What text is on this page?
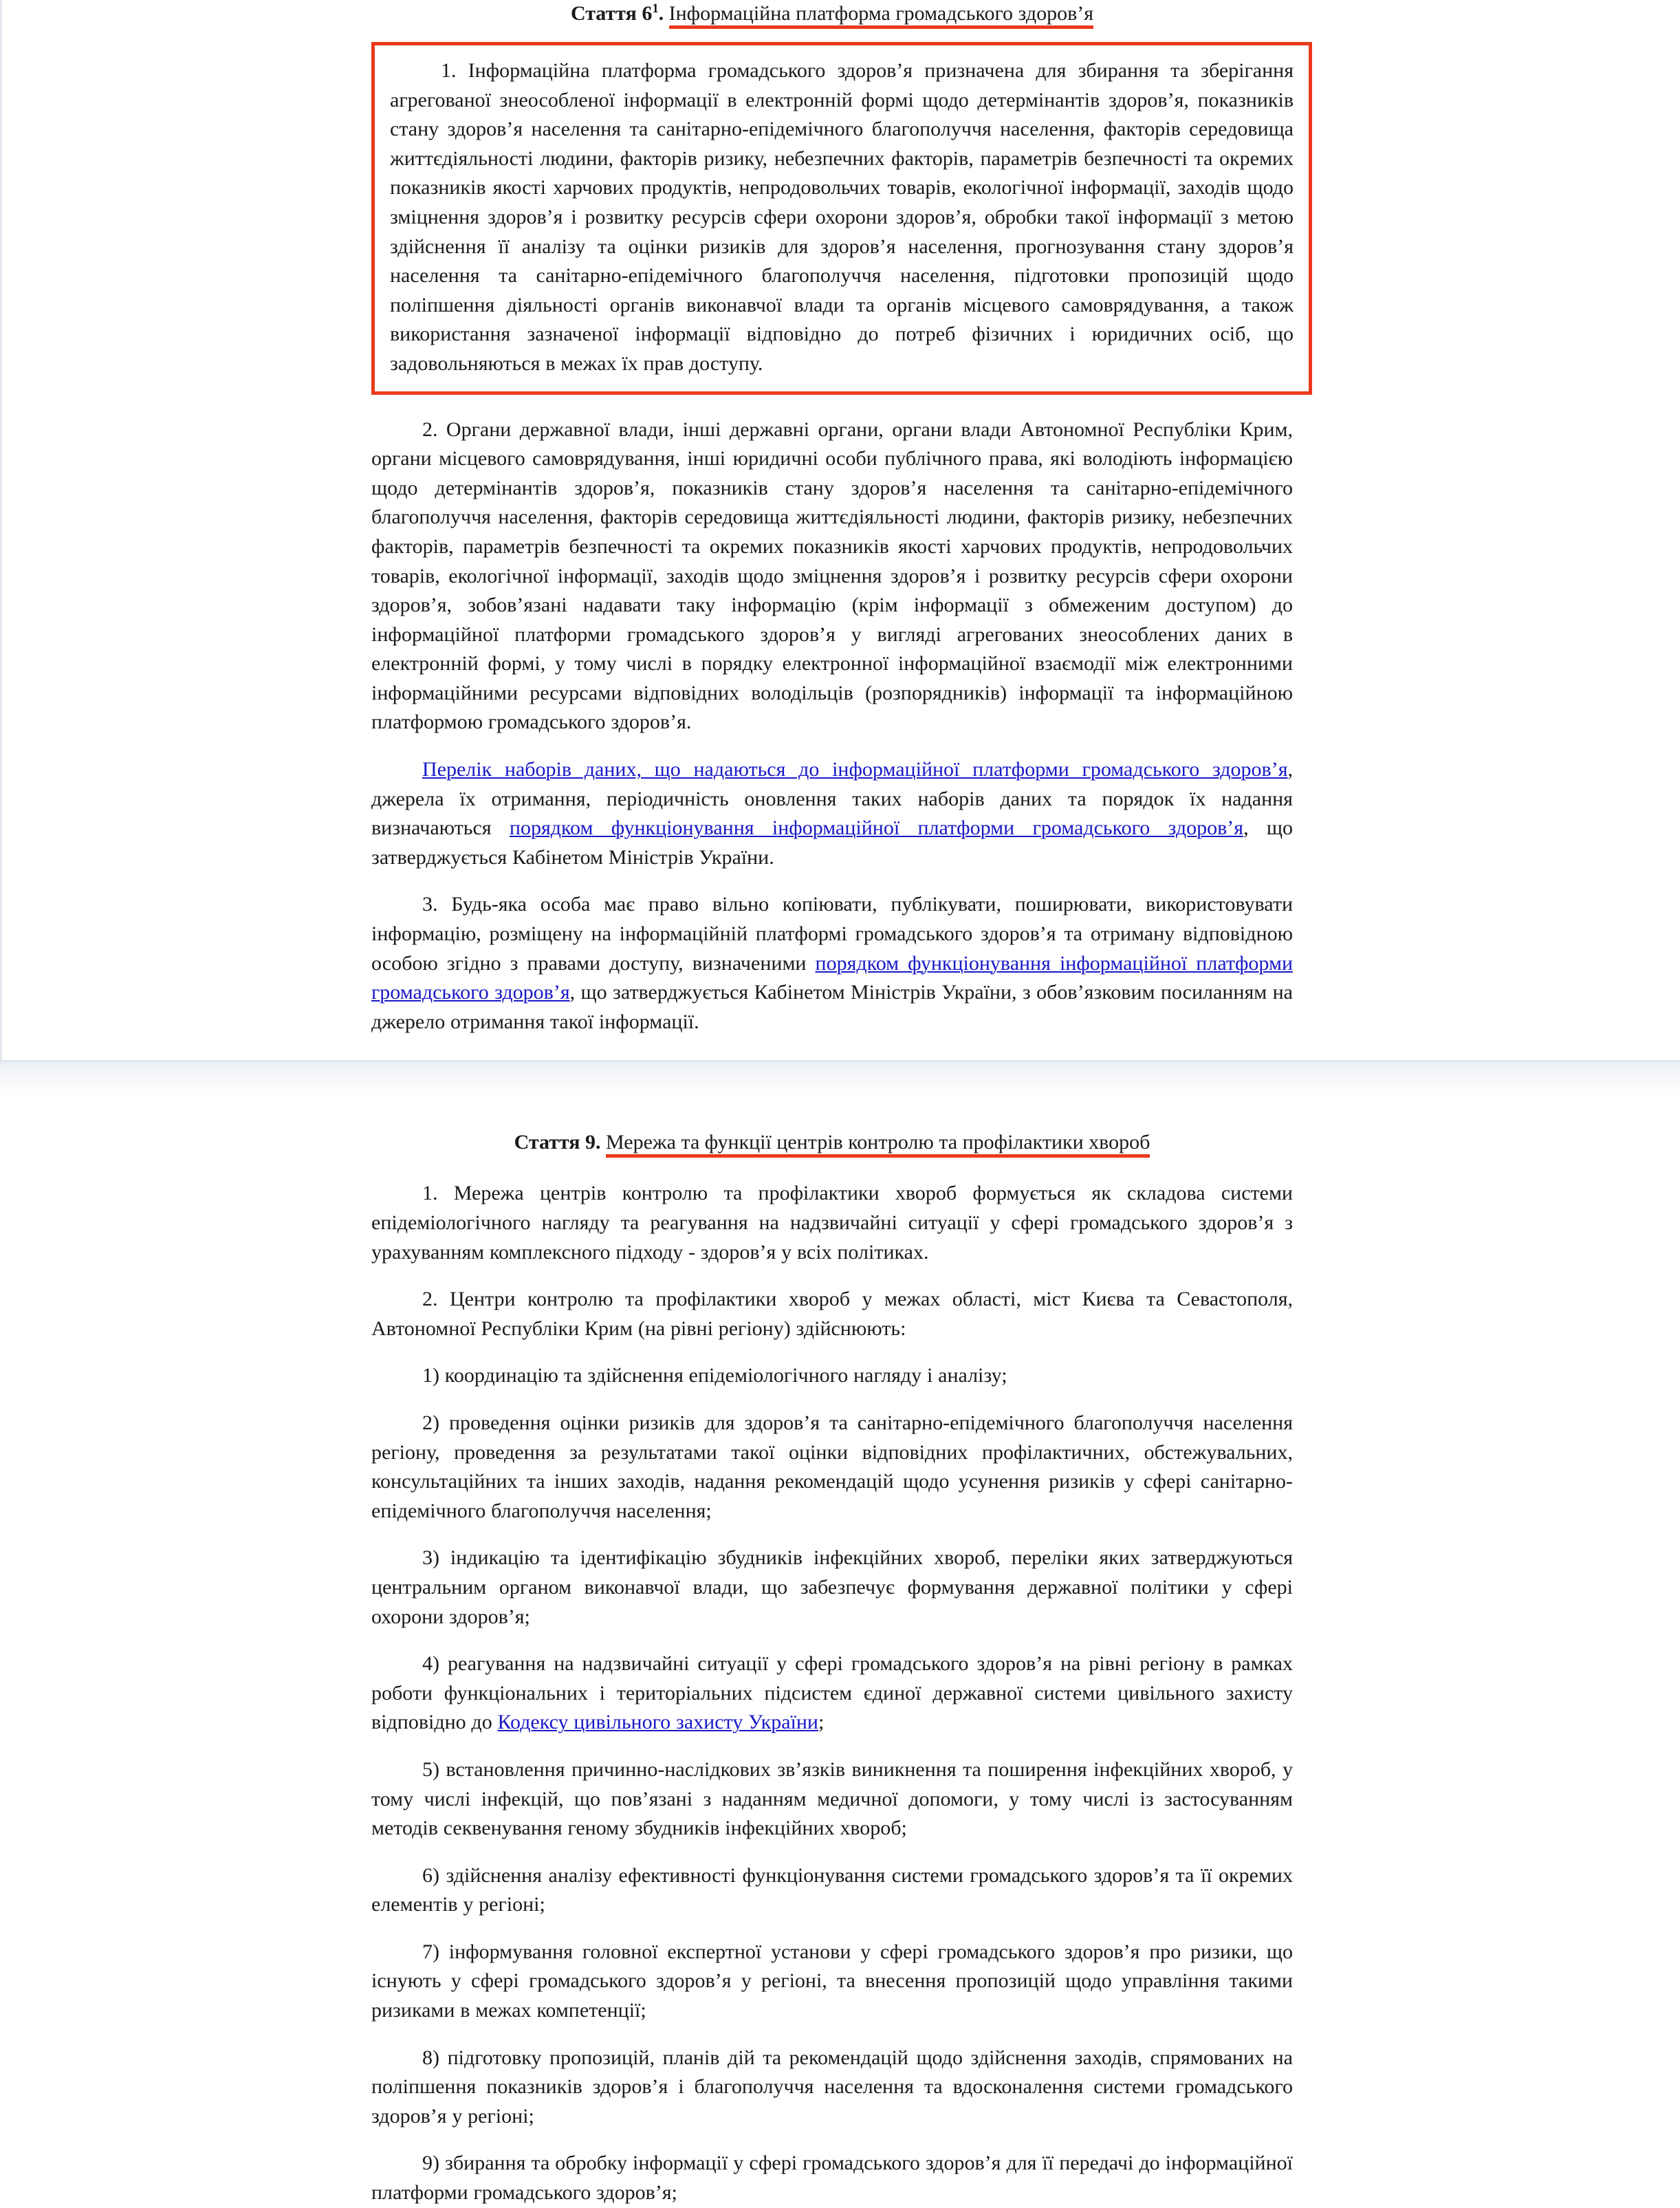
Стаття $6^1$. Інформаційна платформа громадського здоров’я

1. Інформаційна платформа громадського здоров’я призначена для збирання та зберігання агрегованої знеособленої інформації в електронній формі щодо детермінантів здоров’я, показників стану здоров’я населення та санітарно-епідемічного благополуччя населення, факторів середовища життєдіяльності людини, факторів ризику, небезпечних факторів, параметрів безпечності та окремих показників якості харчових продуктів, непродовольчих товарів, екологічної інформації, заходів щодо зміцнення здоров’я і розвитку ресурсів сфери охорони здоров’я, обробки такої інформації з метою здійснення її аналізу та оцінки ризиків для здоров’я населення, прогнозування стану здоров’я населення та санітарно-епідемічного благополуччя населення, підготовки пропозицій щодо поліпшення діяльності органів виконавчої влади та органів місцевого самоврядування, а також використання зазначеної інформації відповідно до потреб фізичних і юридичних осіб, що задовольняються в межах їх прав доступу.

2. Органи державної влади, інші державні органи, органи влади Автономної Республіки Крим, органи місцевого самоврядування, інші юридичні особи публічного права, які володіють інформацією щодо детермінантів здоров’я, показників стану здоров’я населення та санітарно-епідемічного благополуччя населення, факторів середовища життєдіяльності людини, факторів ризику, небезпечних факторів, параметрів безпечності та окремих показників якості харчових продуктів, непродовольчих товарів, екологічної інформації, заходів щодо зміцнення здоров’я і розвитку ресурсів сфери охорони здоров’я, зобов’язані надавати таку інформацію (крім інформації з обмеженим доступом) до інформаційної платформи громадського здоров’я у вигляді агрегованих знеособлених даних в електронній формі, у тому числі в порядку електронної інформаційної взаємодії між електронними інформаційними ресурсами відповідних володільців (розпорядників) інформації та інформаційною платформою громадського здоров’я.

Перелік наборів даних, що надаються до інформаційної платформи громадського здоров’я, джерела їх отримання, періодичність оновлення таких наборів даних та порядок їх надання визначаються порядком функціонування інформаційної платформи громадського здоров’я, що затверджується Кабінетом Міністрів України.

3. Будь-яка особа має право вільно копіювати, публікувати, поширювати, використовувати інформацію, розміщену на інформаційній платформі громадського здоров’я та отриману відповідною особою згідно з правами доступу, визначеними порядком функціонування інформаційної платформи громадського здоров’я, що затверджується Кабінетом Міністрів України, з обов’язковим посиланням на джерело отримання такої інформації.

Стаття 9. Мережа та функції центрів контролю та профілактики хвороб

1. Мережа центрів контролю та профілактики хвороб формується як складова системи епідеміологічного нагляду та реагування на надзвичайні ситуації у сфері громадського здоров’я з урахуванням комплексного підходу - здоров’я у всіх політиках.

2. Центри контролю та профілактики хвороб у межах області, міст Києва та Севастополя, Автономної Республіки Крим (на рівні регіону) здійснюють:

1) координацію та здійснення епідеміологічного нагляду і аналізу;

2) проведення оцінки ризиків для здоров’я та санітарно-епідемічного благополуччя населення регіону, проведення за результатами такої оцінки відповідних профілактичних, обстежувальних, консультаційних та інших заходів, надання рекомендацій щодо усунення ризиків у сфері санітарно-епідемічного благополуччя населення;

3) індикацію та ідентифікацію збудників інфекційних хвороб, переліки яких затверджуються центральним органом виконавчої влади, що забезпечує формування державної політики у сфері охорони здоров’я;

4) реагування на надзвичайні ситуації у сфері громадського здоров’я на рівні регіону в рамках роботи функціональних і територіальних підсистем єдиної державної системи цивільного захисту відповідно до Кодексу цивільного захисту України;

5) встановлення причинно-наслідкових зв’язків виникнення та поширення інфекційних хвороб, у тому числі інфекцій, що пов’язані з наданням медичної допомоги, у тому числі із застосуванням методів секвенування геному збудників інфекційних хвороб;

6) здійснення аналізу ефективності функціонування системи громадського здоров’я та її окремих елементів у регіоні;

7) інформування головної експертної установи у сфері громадського здоров’я про ризики, що існують у сфері громадського здоров’я у регіоні, та внесення пропозицій щодо управління такими ризиками в межах компетенції;

8) підготовку пропозицій, планів дій та рекомендацій щодо здійснення заходів, спрямованих на поліпшення показників здоров’я і благополуччя населення та вдосконалення системи громадського здоров’я у регіоні;

9) збирання та обробку інформації у сфері громадського здоров’я для її передачі до інформаційної платформи громадського здоров’я;
